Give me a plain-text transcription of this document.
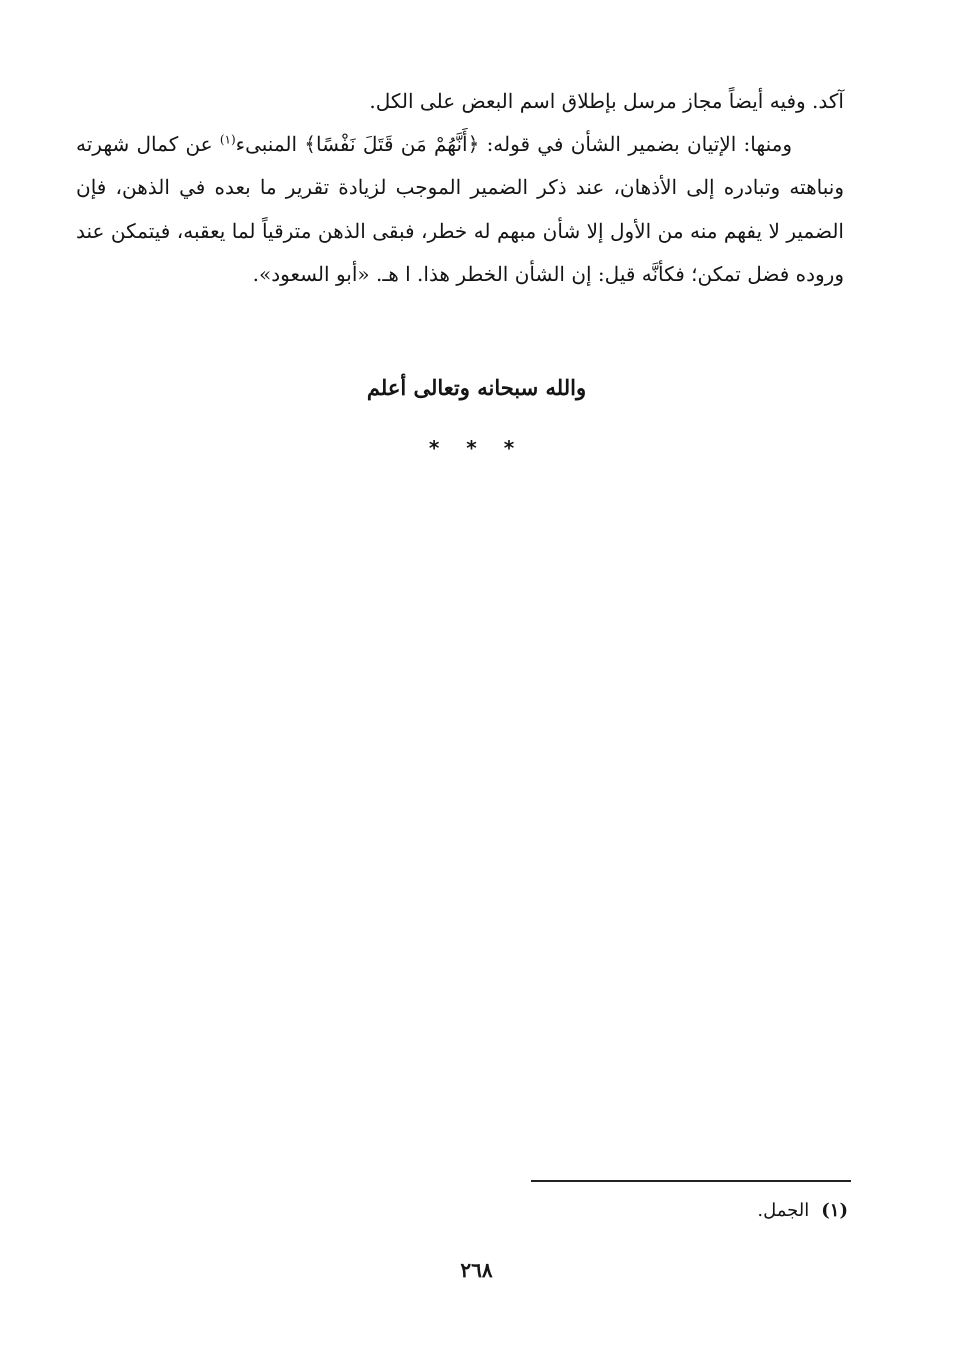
آكد. وفيه أيضاً مجاز مرسل بإطلاق اسم البعض على الكل.

ومنها: الإتيان بضمير الشأن في قوله: ﴿أَنَّهُمْ مَن قَتَلَ نَفْسًا﴾ المنبىء$^{(١)}$ عن كمال شهرته ونباهته وتبادره إلى الأذهان، عند ذكر الضمير الموجب لزيادة تقرير ما بعده في الذهن، فإن الضمير لا يفهم منه من الأول إلا شأن مبهم له خطر، فبقى الذهن مترقياً لما يعقبه، فيتمكن عند وروده فضل تمكن؛ فكأنَّه قيل: إن الشأن الخطر هذا. ا هـ. «أبو السعود».

والله سبحانه وتعالى أعلم
* * *
(١)الجمل.
٢٦٨
